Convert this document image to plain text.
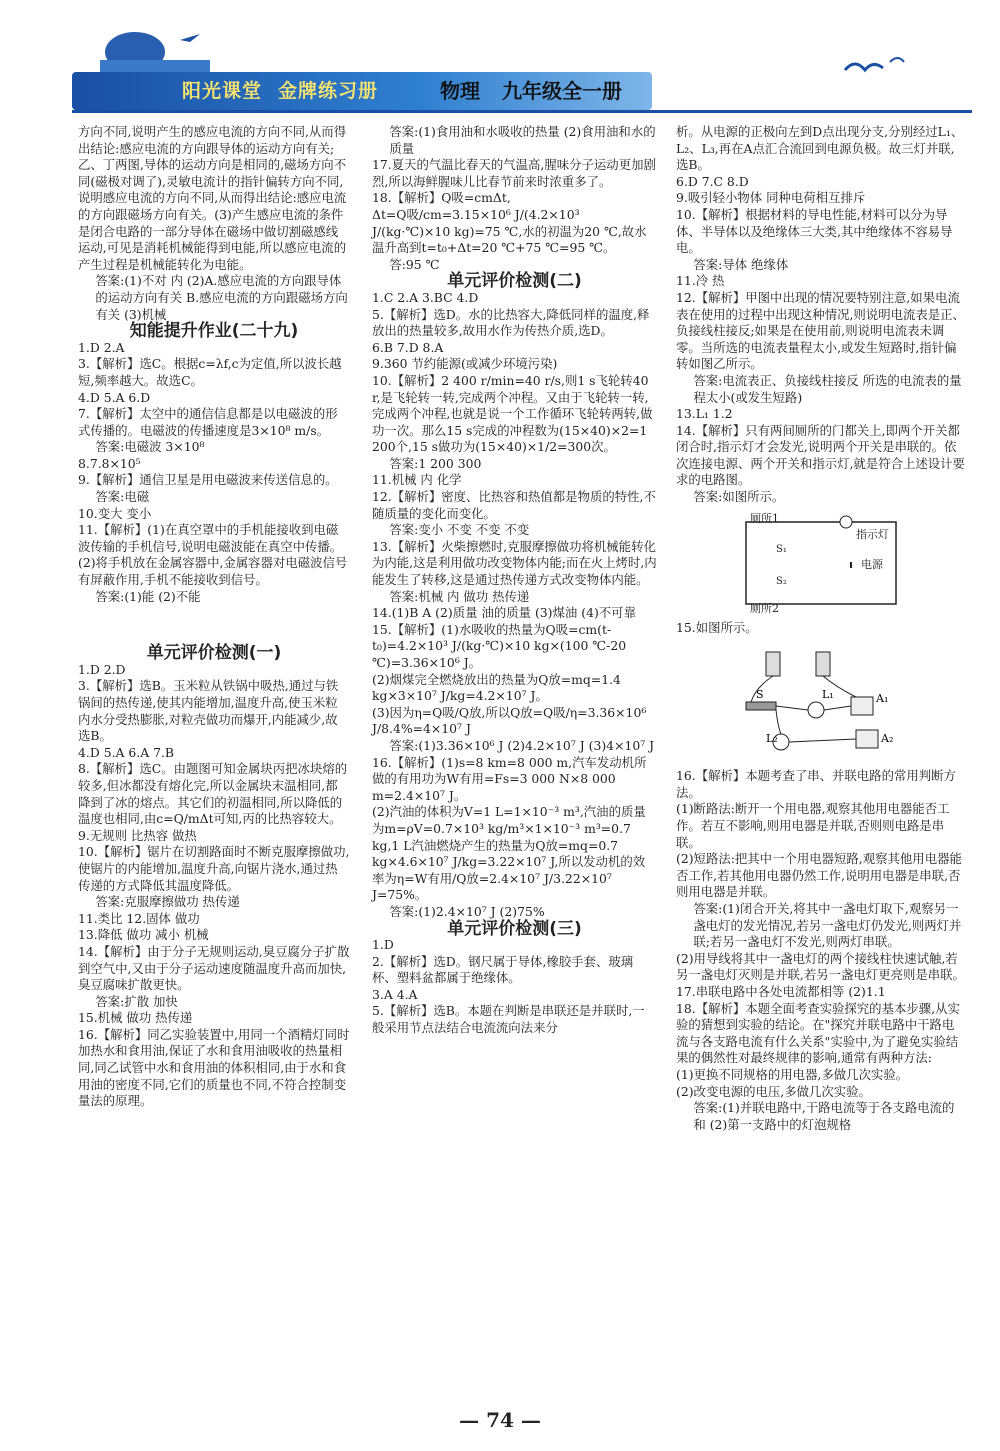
阳光课堂 金牌练习册	物理 九年级全一册

方向不同,说明产生的感应电流的方向不同,从而得出结论:感应电流的方向跟导体的运动方向有关;乙、丁两图,导体的运动方向是相同的,磁场方向不同(磁极对调了),灵敏电流计的指针偏转方向不同,说明感应电流的方向不同,从而得出结论:感应电流的方向跟磁场方向有关。(3)产生感应电流的条件是闭合电路的一部分导体在磁场中做切割磁感线运动,可见是消耗机械能得到电能,所以感应电流的产生过程是机械能转化为电能。

答案:(1)不对 内 (2)A.感应电流的方向跟导体的运动方向有关 B.感应电流的方向跟磁场方向有关 (3)机械

知能提升作业(二十九)

1.D 2.A

3.【解析】选C。根据c=λf,c为定值,所以波长越短,频率越大。故选C。

4.D 5.A 6.D

7.【解析】太空中的通信信息都是以电磁波的形式传播的。电磁波的传播速度是3×10⁸ m/s。

答案:电磁波 3×10⁸

8.7.8×10⁵

9.【解析】通信卫星是用电磁波来传送信息的。

答案:电磁

10.变大 变小

11.【解析】(1)在真空罩中的手机能接收到电磁波传输的手机信号,说明电磁波能在真空中传播。(2)将手机放在金属容器中,金属容器对电磁波信号有屏蔽作用,手机不能接收到信号。

答案:(1)能 (2)不能

单元评价检测(一)

1.D 2.D

3.【解析】选B。玉米粒从铁锅中吸热,通过与铁锅间的热传递,使其内能增加,温度升高,使玉米粒内水分受热膨胀,对粒壳做功而爆开,内能减少,故选B。

4.D 5.A 6.A 7.B

8.【解析】选C。由题图可知金属块丙把冰块熔的较多,但冰都没有熔化完,所以金属块末温相同,都降到了冰的熔点。其它们的初温相同,所以降低的温度也相同,由c=Q/mΔt可知,丙的比热容较大。

9.无规则 比热容 做热

10.【解析】锯片在切割路面时不断克服摩擦做功,使锯片的内能增加,温度升高,向锯片浇水,通过热传递的方式降低其温度降低。

答案:克服摩擦做功 热传递

11.类比 12.固体 做功

13.降低 做功 减小 机械

14.【解析】由于分子无规则运动,臭豆腐分子扩散到空气中,又由于分子运动速度随温度升高而加快,臭豆腐味扩散更快。

答案:扩散 加快

15.机械 做功 热传递

16.【解析】同乙实验装置中,用同一个酒精灯同时加热水和食用油,保证了水和食用油吸收的热量相同,同乙试管中水和食用油的体积相同,由于水和食用油的密度不同,它们的质量也不同,不符合控制变量法的原理。

答案:(1)食用油和水吸收的热量 (2)食用油和水的质量

17.夏天的气温比春天的气温高,腥味分子运动更加剧烈,所以海鲜腥味儿比春节前来时浓重多了。

18.【解析】Q吸=cmΔt,

Δt=Q吸/cm=3.15×10⁶ J/(4.2×10³ J/(kg·℃)×10 kg)=75 ℃,水的初温为20 ℃,故水温升高到t=t₀+Δt=20 ℃+75 ℃=95 ℃。

答:95 ℃

单元评价检测(二)

1.C 2.A 3.BC 4.D

5.【解析】选D。水的比热容大,降低同样的温度,释放出的热量较多,故用水作为传热介质,选D。

6.B 7.D 8.A

9.360 节约能源(或减少环境污染)

10.【解析】2 400 r/min=40 r/s,则1 s飞轮转40 r,是飞轮转一转,完成两个冲程。又由于飞轮转一转,完成两个冲程,也就是说一个工作循环飞轮转两转,做功一次。那么15 s完成的冲程数为(15×40)×2=1 200个,15 s做功为(15×40)×1/2=300次。

答案:1 200 300

11.机械 内 化学

12.【解析】密度、比热容和热值都是物质的特性,不随质量的变化而变化。

答案:变小 不变 不变 不变

13.【解析】火柴擦燃时,克服摩擦做功将机械能转化为内能,这是利用做功改变物体内能;而在火上烤时,内能发生了转移,这是通过热传递方式改变物体内能。

答案:机械 内 做功 热传递

14.(1)B A (2)质量 油的质量 (3)煤油 (4)不可靠

15.【解析】(1)水吸收的热量为Q吸=cm(t-t₀)=4.2×10³ J/(kg·℃)×10 kg×(100 ℃-20 ℃)=3.36×10⁶ J。

(2)烟煤完全燃烧放出的热量为Q放=mq=1.4 kg×3×10⁷ J/kg=4.2×10⁷ J。

(3)因为η=Q吸/Q放,所以Q放=Q吸/η=3.36×10⁶ J/8.4%=4×10⁷ J

答案:(1)3.36×10⁶ J (2)4.2×10⁷ J (3)4×10⁷ J

16.【解析】(1)s=8 km=8 000 m,汽车发动机所做的有用功为W有用=Fs=3 000 N×8 000 m=2.4×10⁷ J。

(2)汽油的体积为V=1 L=1×10⁻³ m³,汽油的质量为m=ρV=0.7×10³ kg/m³×1×10⁻³ m³=0.7 kg,1 L汽油燃烧产生的热量为Q放=mq=0.7 kg×4.6×10⁷ J/kg=3.22×10⁷ J,所以发动机的效率为η=W有用/Q放=2.4×10⁷ J/3.22×10⁷ J=75%。

答案:(1)2.4×10⁷ J (2)75%

单元评价检测(三)

1.D

2.【解析】选D。钢尺属于导体,橡胶手套、玻璃杯、塑料盆都属于绝缘体。

3.A 4.A

5.【解析】选B。本题在判断是串联还是并联时,一般采用节点法结合电流流向法来分

析。从电源的正极向左到D点出现分支,分别经过L₁、L₂、L₃,再在A点汇合流回到电源负极。故三灯并联,选B。

6.D 7.C 8.D

9.吸引轻小物体 同种电荷相互排斥

10.【解析】根据材料的导电性能,材料可以分为导体、半导体以及绝缘体三大类,其中绝缘体不容易导电。

答案:导体 绝缘体

11.冷 热

12.【解析】甲图中出现的情况要特别注意,如果电流表在使用的过程中出现这种情况,则说明电流表是正、负接线柱接反;如果是在使用前,则说明电流表未调零。当所选的电流表量程太小,或发生短路时,指针偏转如图乙所示。

答案:电流表正、负接线柱接反 所选的电流表的量程太小(或发生短路)

13.L₁ 1.2

14.【解析】只有两间厕所的门都关上,即两个开关都闭合时,指示灯才会发光,说明两个开关是串联的。依次连接电源、两个开关和指示灯,就是符合上述设计要求的电路图。

答案:如图所示。

厕所1
厕所2
指示灯
电源
S₁
S₂

15.如图所示。

S	L₁
L₂
A₁
A₂

16.【解析】本题考查了串、并联电路的常用判断方法。

(1)断路法:断开一个用电器,观察其他用电器能否工作。若互不影响,则用电器是并联,否则则电路是串联。

(2)短路法:把其中一个用电器短路,观察其他用电器能否工作,若其他用电器仍然工作,说明用电器是串联,否则用电器是并联。

答案:(1)闭合开关,将其中一盏电灯取下,观察另一盏电灯的发光情况,若另一盏电灯仍发光,则两灯并联;若另一盏电灯不发光,则两灯串联。

(2)用导线将其中一盏电灯的两个接线柱快速试触,若另一盏电灯灭则是并联,若另一盏电灯更亮则是串联。

17.串联电路中各处电流都相等 (2)1.1

18.【解析】本题全面考查实验探究的基本步骤,从实验的猜想到实验的结论。在"探究并联电路中干路电流与各支路电流有什么关系"实验中,为了避免实验结果的偶然性对最终规律的影响,通常有两种方法:

(1)更换不同规格的用电器,多做几次实验。

(2)改变电源的电压,多做几次实验。

答案:(1)并联电路中,干路电流等于各支路电流的和 (2)第一支路中的灯泡规格

— 74 —
